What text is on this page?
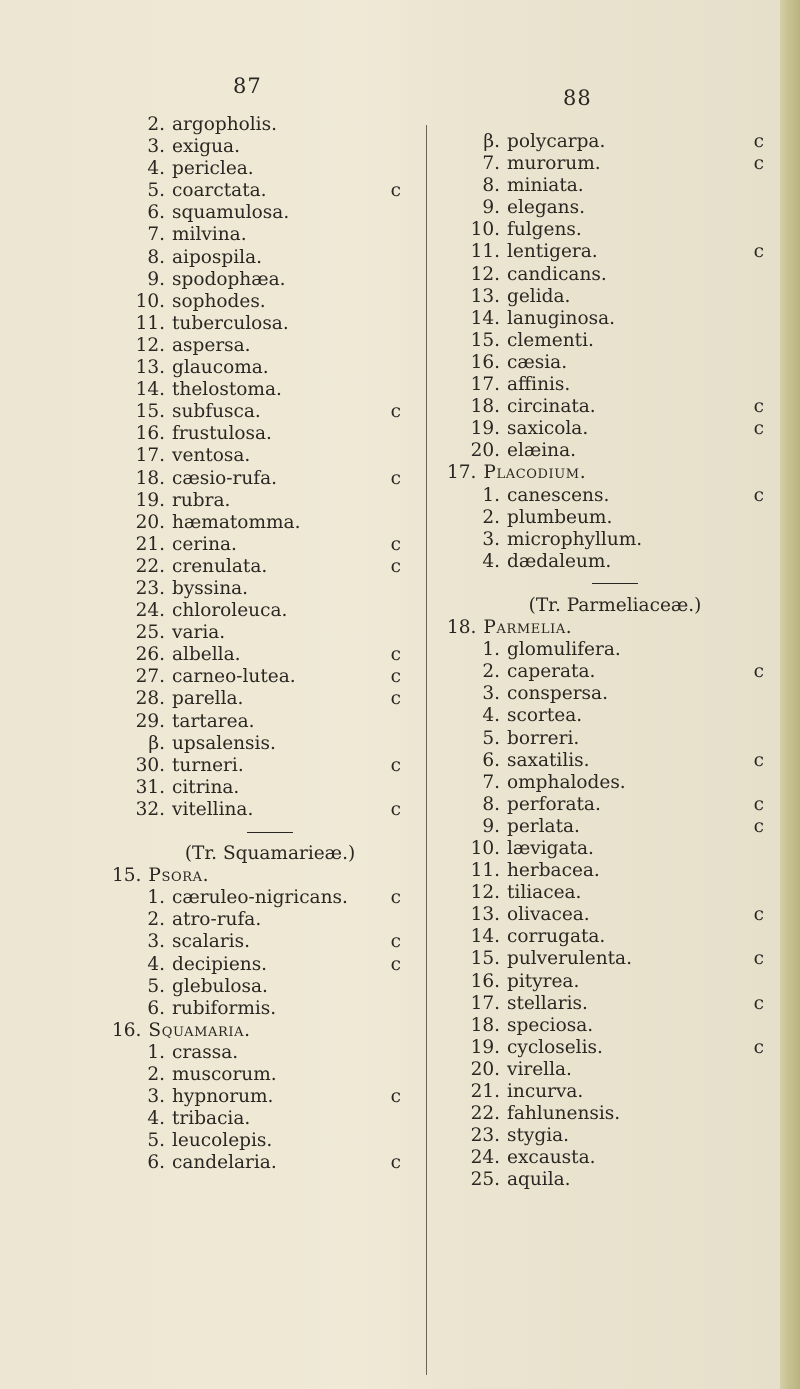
87	88
2. argopholis.
3. exigua.
4. periclea.
5. coarctata.	c
6. squamulosa.
7. milvina.
8. aipospila.
9. spodophæa.
10. sophodes.
11. tuberculosa.
12. aspersa.
13. glaucoma.
14. thelostoma.
15. subfusca.	c
16. frustulosa.
17. ventosa.
18. cæsio-rufa.	c
19. rubra.
20. hæmatomma.
21. cerina.	c
22. crenulata.	c
23. byssina.
24. chloroleuca.
25. varia.
26. albella.	c
27. carneo-lutea.	c
28. parella.	c
29. tartarea.
β. upsalensis.
30. turneri.	c
31. citrina.
32. vitellina.	c
(Tr. Squamarieæ.)
15. Psora.
1. cæruleo-nigricans. c
2. atro-rufa.
3. scalaris.	c
4. decipiens.	c
5. glebulosa.
6. rubiformis.
16. Squamaria.
1. crassa.
2. muscorum.
3. hypnorum.	c
4. tribacia.
5. leucolepis.
6. candelaria.	c
β. polycarpa.	c
7. murorum.	c
8. miniata.
9. elegans.
10. fulgens.
11. lentigera.	c
12. candicans.
13. gelida.
14. lanuginosa.
15. clementi.
16. cæsia.
17. affinis.
18. circinata.	c
19. saxicola.	c
20. elæina.
17. Placodium.
1. canescens.	c
2. plumbeum.
3. microphyllum.
4. dædaleum.
(Tr. Parmeliaceæ.)
18. Parmelia.
1. glomulifera.
2. caperata.	c
3. conspersa.
4. scortea.
5. borreri.
6. saxatilis.	c
7. omphalodes.
8. perforata.	c
9. perlata.	c
10. lævigata.
11. herbacea.
12. tiliacea.
13. olivacea.	c
14. corrugata.
15. pulverulenta.	c
16. pityrea.
17. stellaris.	c
18. speciosa.
19. cycloselis.	c
20. virella.
21. incurva.
22. fahlunensis.
23. stygia.
24. excausta.
25. aquila.
